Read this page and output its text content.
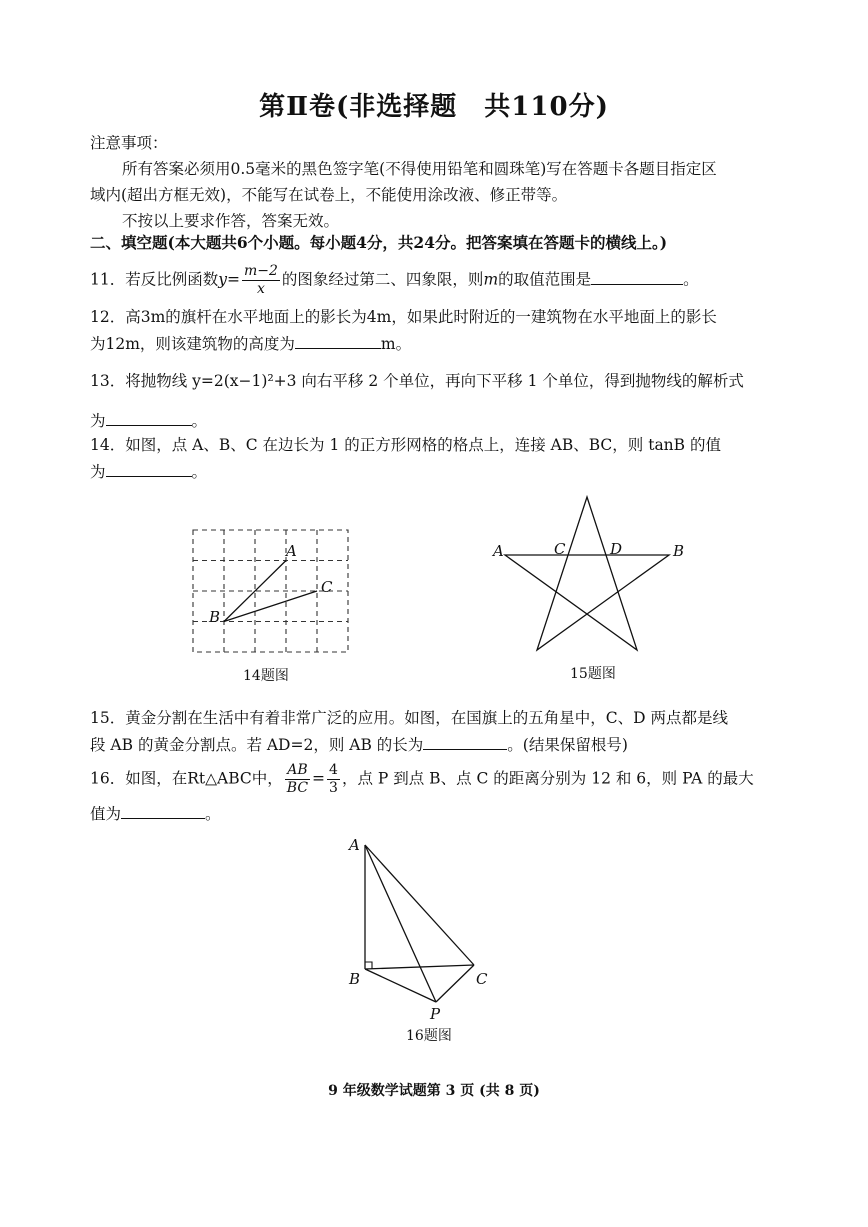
第Ⅱ卷(非选择题　共110分)
注意事项：
所有答案必须用0.5毫米的黑色签字笔(不得使用铅笔和圆珠笔)写在答题卡各题目指定区
域内(超出方框无效)，不能写在试卷上，不能使用涂改液、修正带等。
不按以上要求作答，答案无效。
二、填空题(本大题共6个小题。每小题4分，共24分。把答案填在答题卡的横线上。)
11．若反比例函数$y= \frac{m-2}{x}$ 的图象经过第二、四象限，则m的取值范围是	。
12．高3m的旗杆在水平地面上的影长为4m，如果此时附近的一建筑物在水平地面上的影长
为12m，则该建筑物的高度为	m。
13．将抛物线 y=2(x−1)²+3 向右平移 2 个单位，再向下平移 1 个单位，得到抛物线的解析式
为	。
14．如图，点 A、B、C 在边长为 1 的正方形网格的格点上，连接 AB、BC，则 tanB 的值
为	。
A
C
B
14题图
A	C	D	B
15题图
15．黄金分割在生活中有着非常广泛的应用。如图，在国旗上的五角星中，C、D 两点都是线
段 AB 的黄金分割点。若 AD=2，则 AB 的长为	。(结果保留根号)
16．如图，在Rt△ABC中， $\frac{AB}{BC} = \frac{4}{3}$ ，点 P 到点 B、点 C 的距离分别为 12 和 6，则 PA 的最大
值为	。
A
B	C
P
16题图
9 年级数学试题第 3 页 (共 8 页)
